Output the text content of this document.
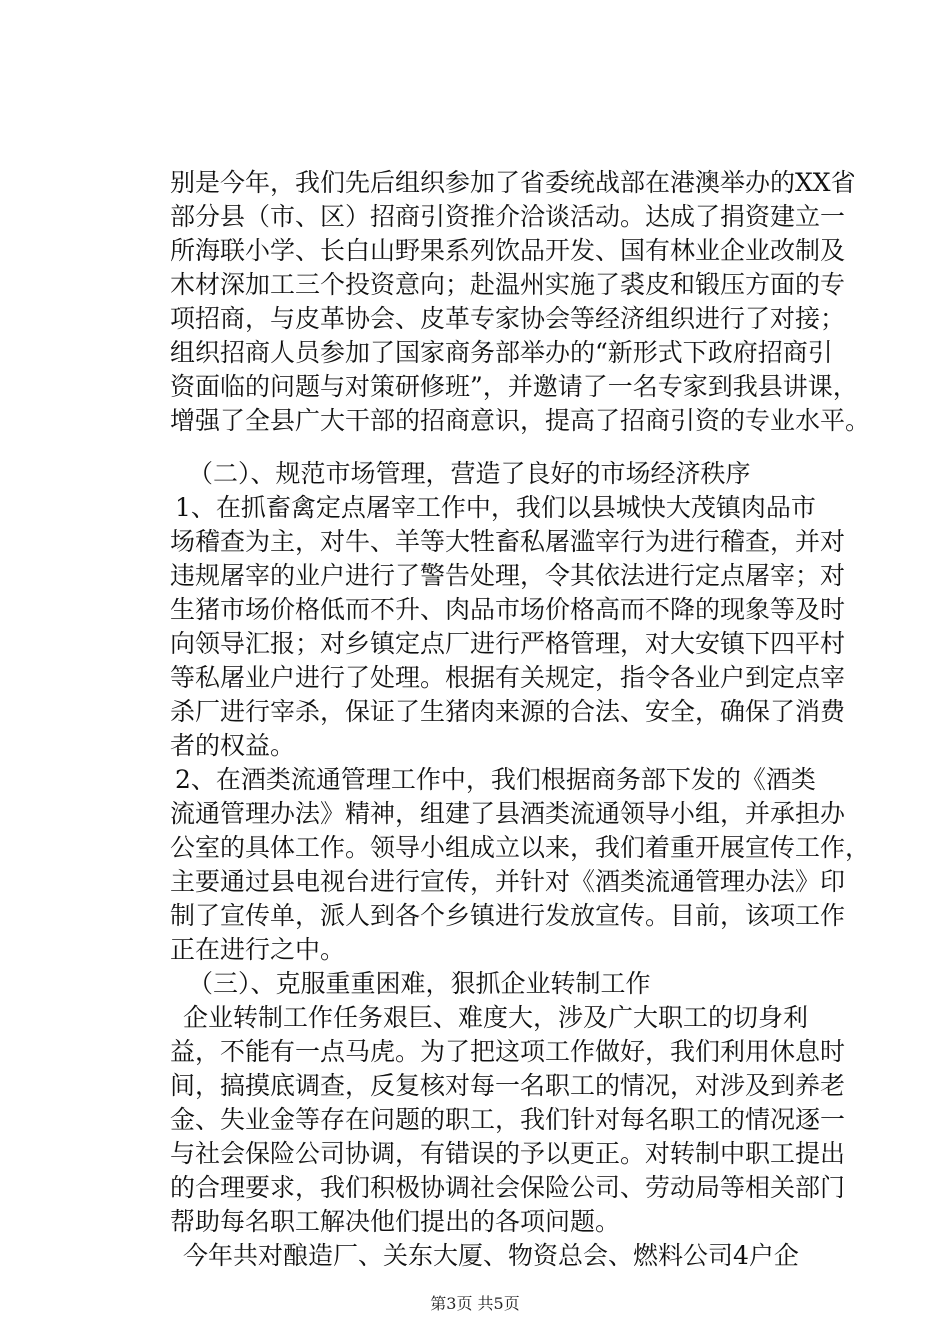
别是今年，我们先后组织参加了省委统战部在港澳举办的XX省
部分县（市、区）招商引资推介洽谈活动。达成了捐资建立一
所海联小学、长白山野果系列饮品开发、国有林业企业改制及
木材深加工三个投资意向；赴温州实施了裘皮和锻压方面的专
项招商，与皮革协会、皮革专家协会等经济组织进行了对接；
组织招商人员参加了国家商务部举办的“新形式下政府招商引
资面临的问题与对策研修班”，并邀请了一名专家到我县讲课，
增强了全县广大干部的招商意识，提高了招商引资的专业水平。
（二）、规范市场管理，营造了良好的市场经济秩序
1、在抓畜禽定点屠宰工作中，我们以县城快大茂镇肉品市
场稽查为主，对牛、羊等大牲畜私屠滥宰行为进行稽查，并对
违规屠宰的业户进行了警告处理，令其依法进行定点屠宰；对
生猪市场价格低而不升、肉品市场价格高而不降的现象等及时
向领导汇报；对乡镇定点厂进行严格管理，对大安镇下四平村
等私屠业户进行了处理。根据有关规定，指令各业户到定点宰
杀厂进行宰杀，保证了生猪肉来源的合法、安全，确保了消费
者的权益。
2、在酒类流通管理工作中，我们根据商务部下发的《酒类
流通管理办法》精神，组建了县酒类流通领导小组，并承担办
公室的具体工作。领导小组成立以来，我们着重开展宣传工作，
主要通过县电视台进行宣传，并针对《酒类流通管理办法》印
制了宣传单，派人到各个乡镇进行发放宣传。目前，该项工作
正在进行之中。
（三）、克服重重困难，狠抓企业转制工作
企业转制工作任务艰巨、难度大，涉及广大职工的切身利
益，不能有一点马虎。为了把这项工作做好，我们利用休息时
间，搞摸底调查，反复核对每一名职工的情况，对涉及到养老
金、失业金等存在问题的职工，我们针对每名职工的情况逐一
与社会保险公司协调，有错误的予以更正。对转制中职工提出
的合理要求，我们积极协调社会保险公司、劳动局等相关部门
帮助每名职工解决他们提出的各项问题。
今年共对酿造厂、关东大厦、物资总会、燃料公司4户企
第3页 共5页
